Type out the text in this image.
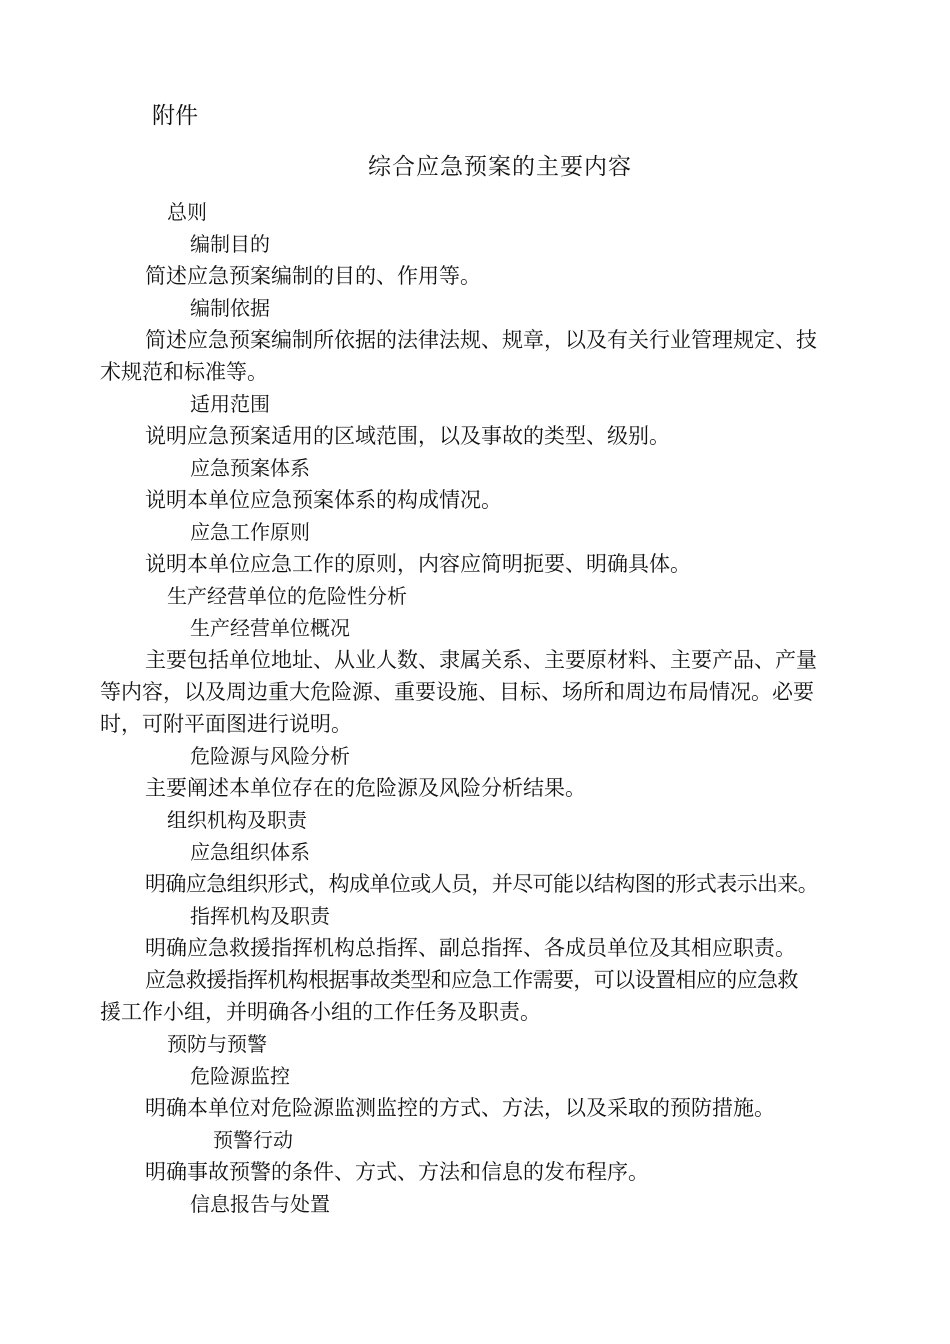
附件
综合应急预案的主要内容
总则
编制目的
简述应急预案编制的目的、作用等。
编制依据
简述应急预案编制所依据的法律法规、规章，以及有关行业管理规定、技
术规范和标准等。
适用范围
说明应急预案适用的区域范围，以及事故的类型、级别。
应急预案体系
说明本单位应急预案体系的构成情况。
应急工作原则
说明本单位应急工作的原则，内容应简明扼要、明确具体。
生产经营单位的危险性分析
生产经营单位概况
主要包括单位地址、从业人数、隶属关系、主要原材料、主要产品、产量
等内容，以及周边重大危险源、重要设施、目标、场所和周边布局情况。必要
时，可附平面图进行说明。
危险源与风险分析
主要阐述本单位存在的危险源及风险分析结果。
组织机构及职责
应急组织体系
明确应急组织形式，构成单位或人员，并尽可能以结构图的形式表示出来。
指挥机构及职责
明确应急救援指挥机构总指挥、副总指挥、各成员单位及其相应职责。
应急救援指挥机构根据事故类型和应急工作需要，可以设置相应的应急救
援工作小组，并明确各小组的工作任务及职责。
预防与预警
危险源监控
明确本单位对危险源监测监控的方式、方法，以及采取的预防措施。
预警行动
明确事故预警的条件、方式、方法和信息的发布程序。
信息报告与处置
